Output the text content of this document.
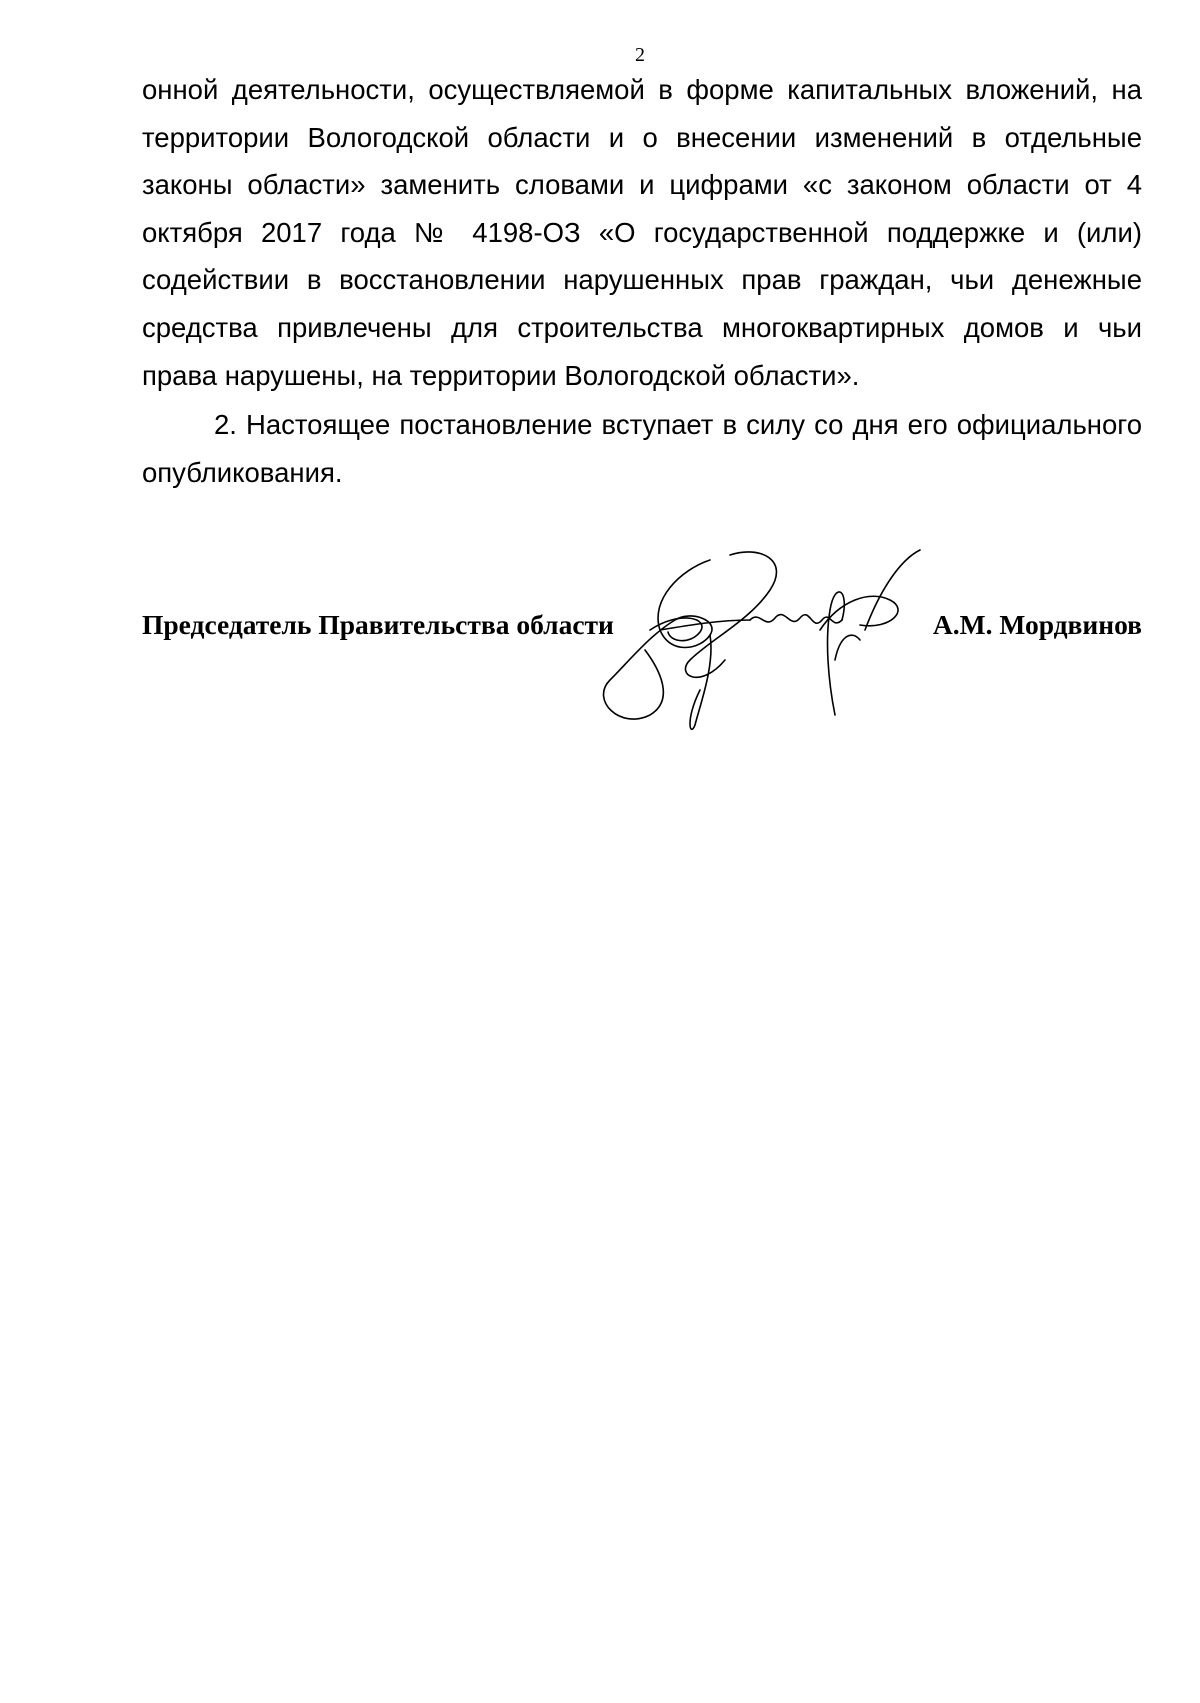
2

онной деятельности, осуществляемой в форме капитальных вложений, на территории Вологодской области и о внесении изменений в отдельные законы области» заменить словами и цифрами «с законом области от 4 октября 2017 года № 4198-ОЗ «О государственной поддержке и (или) содействии в восстановлении нарушенных прав граждан, чьи денежные средства привлечены для строительства многоквартирных домов и чьи права нарушены, на территории Вологодской области».

2. Настоящее постановление вступает в силу со дня его официального опубликования.

Председатель Правительства области	А.М. Мордвинов
